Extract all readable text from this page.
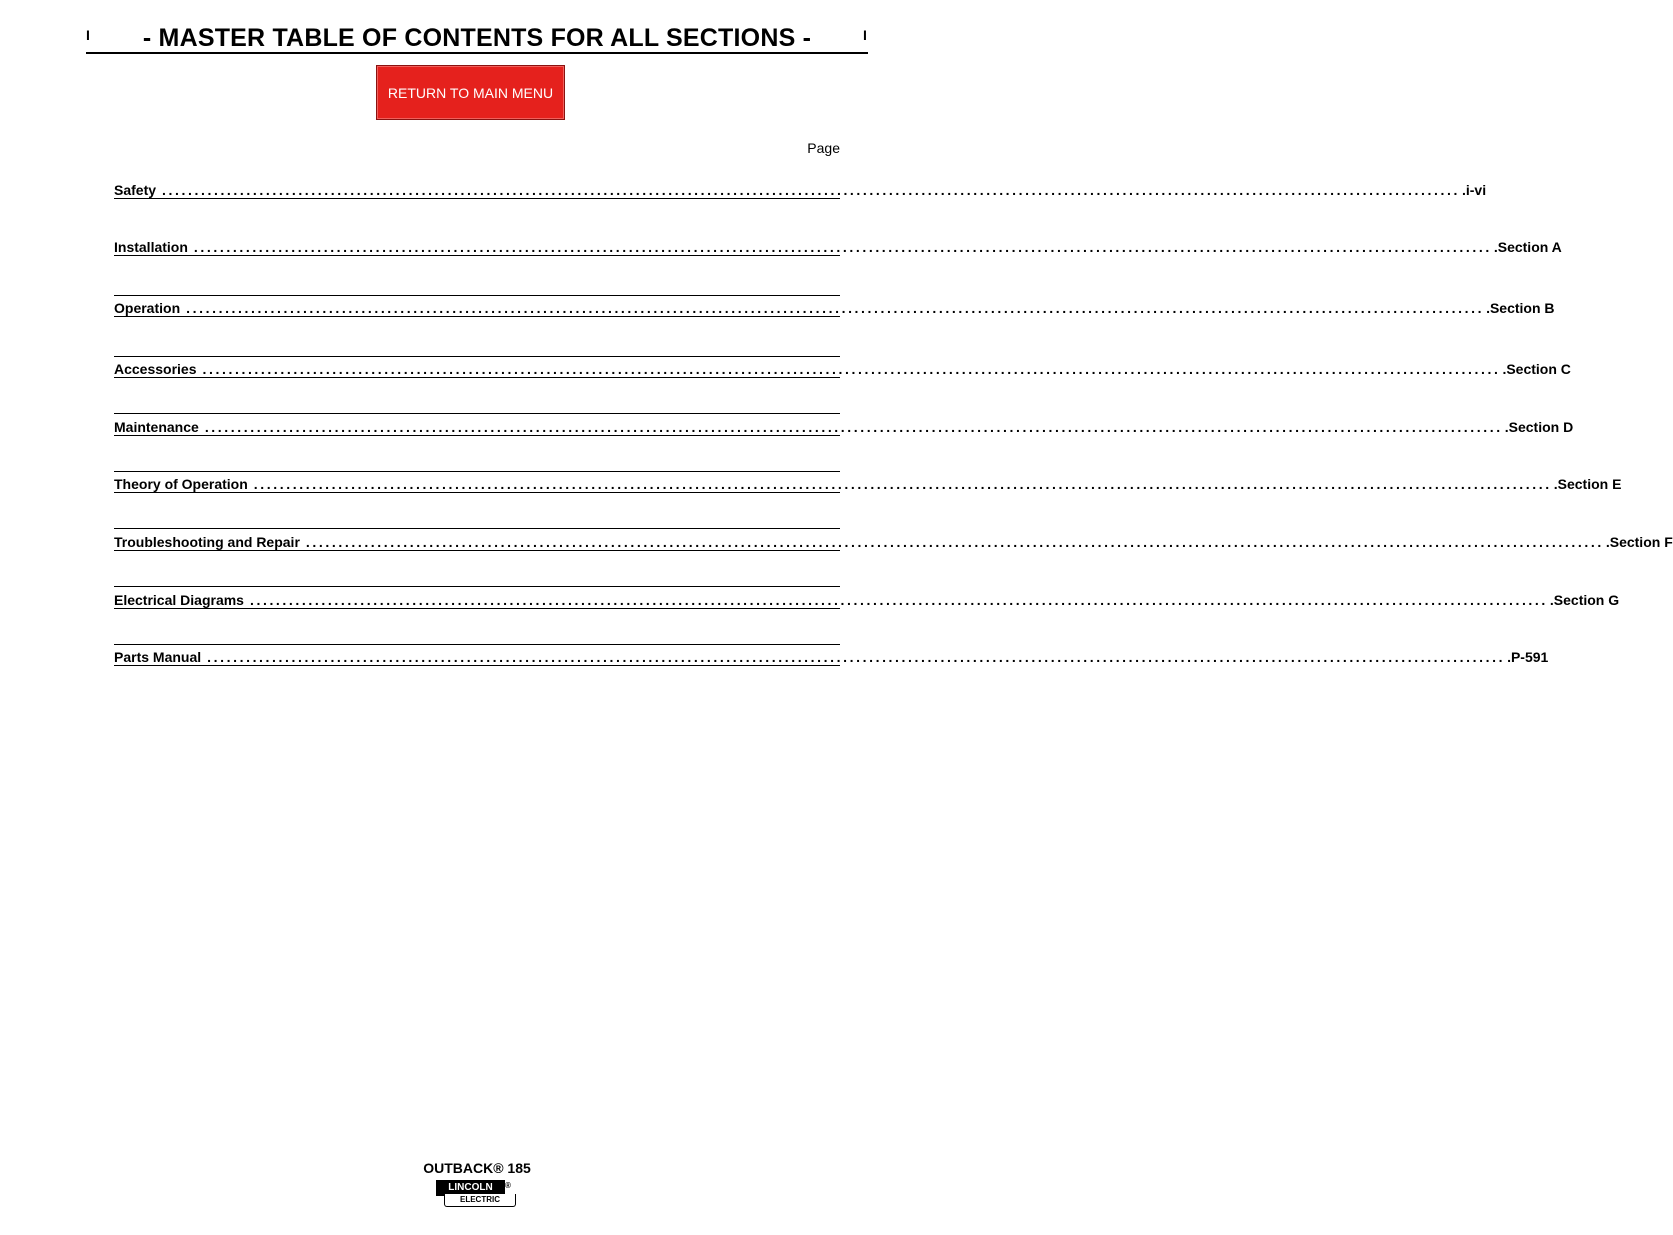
I	I
- MASTER TABLE OF CONTENTS FOR ALL SECTIONS -
RETURN TO MAIN MENU
Page
Safety ........................................................................................................................................................................................................ .i-vi
Installation ........................................................................................................................................................................................................ .Section A
Operation ........................................................................................................................................................................................................ .Section B
Accessories ........................................................................................................................................................................................................ .Section C
Maintenance ........................................................................................................................................................................................................ .Section D
Theory of Operation ........................................................................................................................................................................................................ .Section E
Troubleshooting and Repair ........................................................................................................................................................................................................ .Section F
Electrical Diagrams ........................................................................................................................................................................................................ .Section G
Parts Manual ........................................................................................................................................................................................................ .P-591
OUTBACK® 185
LINCOLN
ELECTRIC
®
